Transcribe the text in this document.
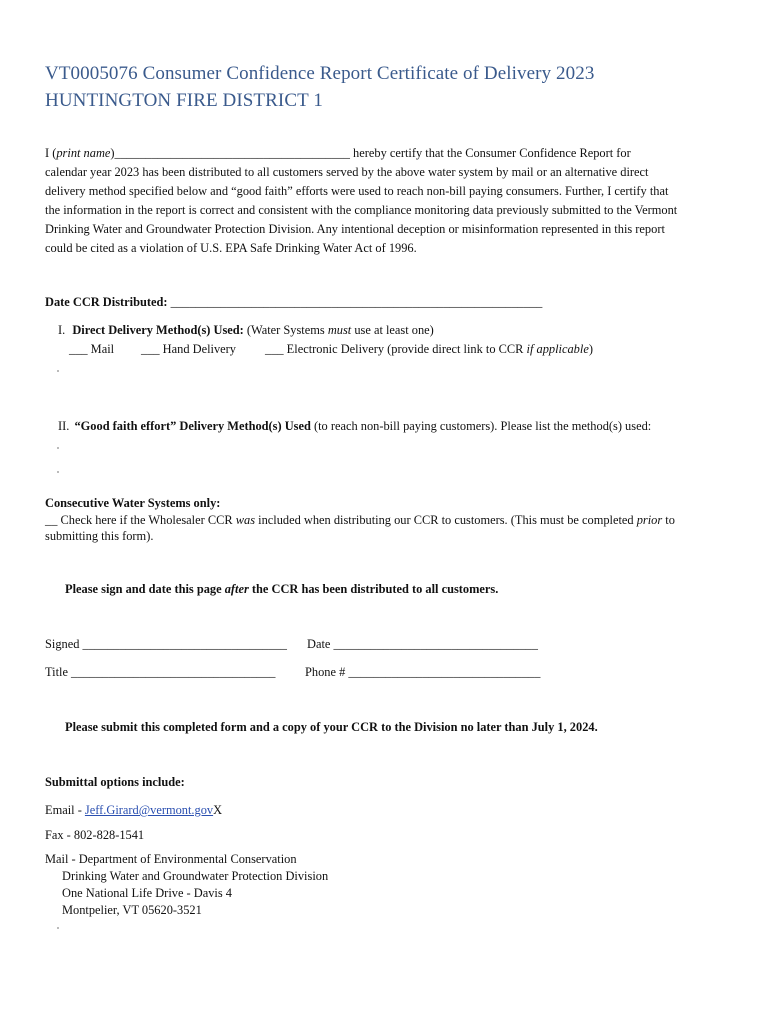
VT0005076 Consumer Confidence Report Certificate of Delivery 2023
HUNTINGTON FIRE DISTRICT 1
I (print name)______________________________________ hereby certify that the Consumer Confidence Report for
calendar year 2023 has been distributed to all customers served by the above water system by mail or an alternative direct
delivery method specified below and “good faith” efforts were used to reach non-bill paying consumers. Further, I certify that
the information in the report is correct and consistent with the compliance monitoring data previously submitted to the Vermont
Drinking Water and Groundwater Protection Division. Any intentional deception or misinformation represented in this report
could be cited as a violation of U.S. EPA Safe Drinking Water Act of 1996.
Date CCR Distributed: ____________________________________________________________
I. Direct Delivery Method(s) Used: (Water Systems must use at least one)
___ Mail ___ Hand Delivery ___ Electronic Delivery (provide direct link to CCR if applicable)
II. “Good faith effort” Delivery Method(s) Used (to reach non-bill paying customers). Please list the method(s) used:
Consecutive Water Systems only:
__ Check here if the Wholesaler CCR was included when distributing our CCR to customers. (This must be completed prior to
submitting this form).
Please sign and date this page after the CCR has been distributed to all customers.
Signed _________________________________ Date _________________________________
Title _________________________________ Phone # _______________________________
Please submit this completed form and a copy of your CCR to the Division no later than July 1, 2024.
Submittal options include:
Email - Jeff.Girard@vermont.govX
Fax - 802-828-1541
Mail - Department of Environmental Conservation
Drinking Water and Groundwater Protection Division
One National Life Drive - Davis 4
Montpelier, VT 05620-3521
